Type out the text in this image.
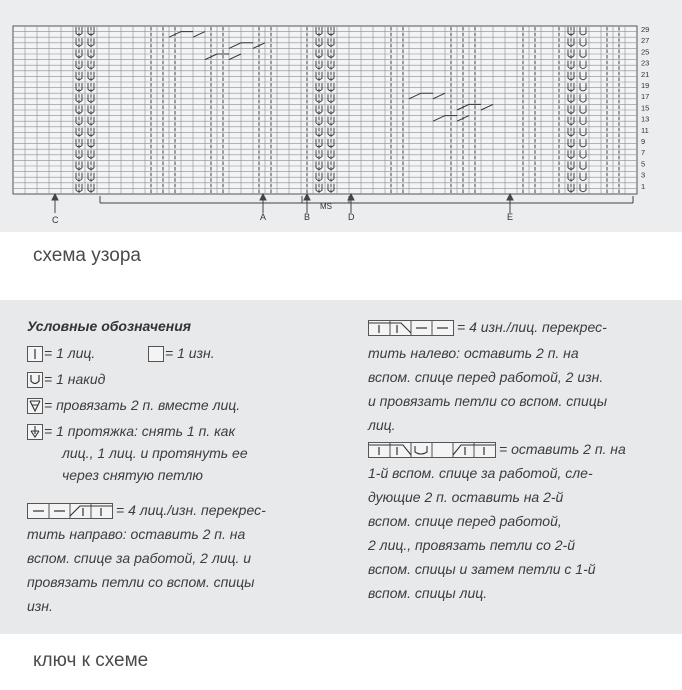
29
27
25
23
21
19
17
15
13
11
9
7
5
3
1
C	A	B
MS
D	E
схема узора
Условные обозначения
= 1 лиц.	= 1 изн.
= 1 накид
= провязать 2 п. вместе лиц.
= 1 протяжка: снять 1 п. как
лиц., 1 лиц. и протянуть ее
через снятую петлю
= 4 лиц./изн. перекрес-
тить направо: оставить 2 п. на
вспом. спице за работой, 2 лиц. и
провязать петли со вспом. спицы
изн.
= 4 изн./лиц. перекрес-
тить налево: оставить 2 п. на
вспом. спице перед работой, 2 изн.
и провязать петли со вспом. спицы
лиц.
= оставить 2 п. на
1-й вспом. спице за работой, сле-
дующие 2 п. оставить на 2-й
вспом. спице перед работой,
2 лиц., провязать петли со 2-й
вспом. спицы и затем петли с 1-й
вспом. спицы лиц.
ключ к схеме
